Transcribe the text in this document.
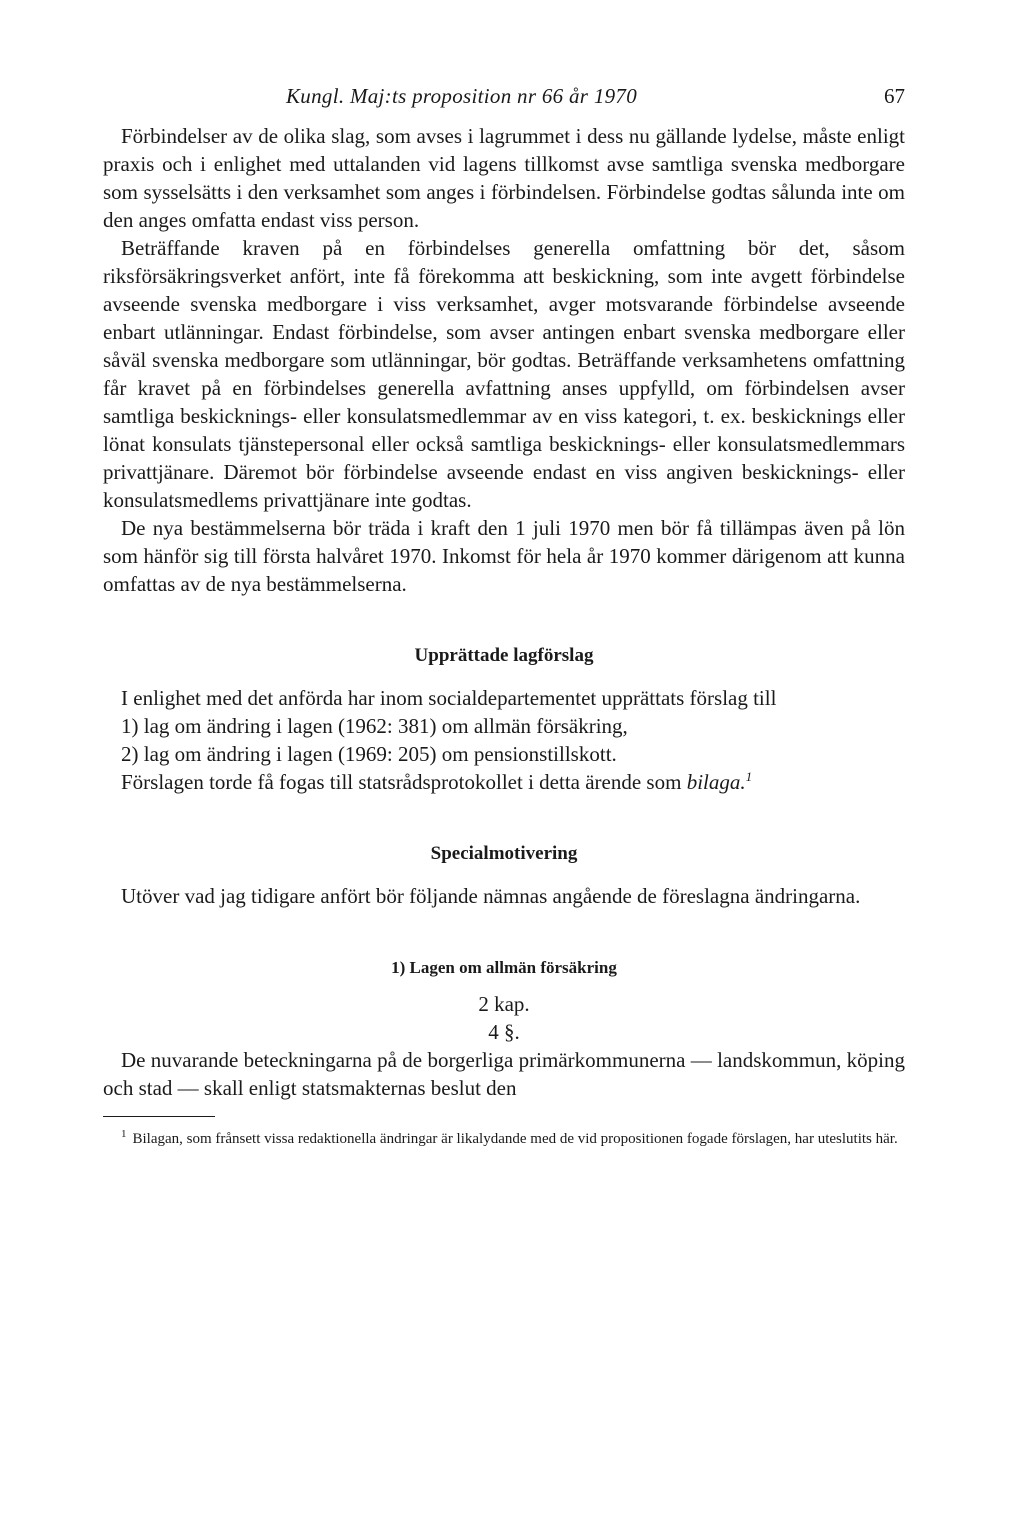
Kungl. Maj:ts proposition nr 66 år 1970	67

Förbindelser av de olika slag, som avses i lagrummet i dess nu gällande lydelse, måste enligt praxis och i enlighet med uttalanden vid lagens tillkomst avse samtliga svenska medborgare som sysselsätts i den verksamhet som anges i förbindelsen. Förbindelse godtas sålunda inte om den anges omfatta endast viss person.

Beträffande kraven på en förbindelses generella omfattning bör det, såsom riksförsäkringsverket anfört, inte få förekomma att beskickning, som inte avgett förbindelse avseende svenska medborgare i viss verksamhet, avger motsvarande förbindelse avseende enbart utlänningar. Endast förbindelse, som avser antingen enbart svenska medborgare eller såväl svenska medborgare som utlänningar, bör godtas. Beträffande verksamhetens omfattning får kravet på en förbindelses generella avfattning anses uppfylld, om förbindelsen avser samtliga beskicknings- eller konsulatsmedlemmar av en viss kategori, t. ex. beskicknings eller lönat konsulats tjänstepersonal eller också samtliga beskicknings- eller konsulatsmedlemmars privattjänare. Däremot bör förbindelse avseende endast en viss angiven beskicknings- eller konsulatsmedlems privattjänare inte godtas.

De nya bestämmelserna bör träda i kraft den 1 juli 1970 men bör få tillämpas även på lön som hänför sig till första halvåret 1970. Inkomst för hela år 1970 kommer därigenom att kunna omfattas av de nya bestämmelserna.

Upprättade lagförslag

I enlighet med det anförda har inom socialdepartementet upprättats förslag till

1) lag om ändring i lagen (1962: 381) om allmän försäkring,

2) lag om ändring i lagen (1969: 205) om pensionstillskott.

Förslagen torde få fogas till statsrådsprotokollet i detta ärende som bilaga.$^1$

Specialmotivering

Utöver vad jag tidigare anfört bör följande nämnas angående de föreslagna ändringarna.

1) Lagen om allmän försäkring

2 kap.

4 §.

De nuvarande beteckningarna på de borgerliga primärkommunerna — landskommun, köping och stad — skall enligt statsmakternas beslut den

$^1$ Bilagan, som frånsett vissa redaktionella ändringar är likalydande med de vid propositionen fogade förslagen, har uteslutits här.
